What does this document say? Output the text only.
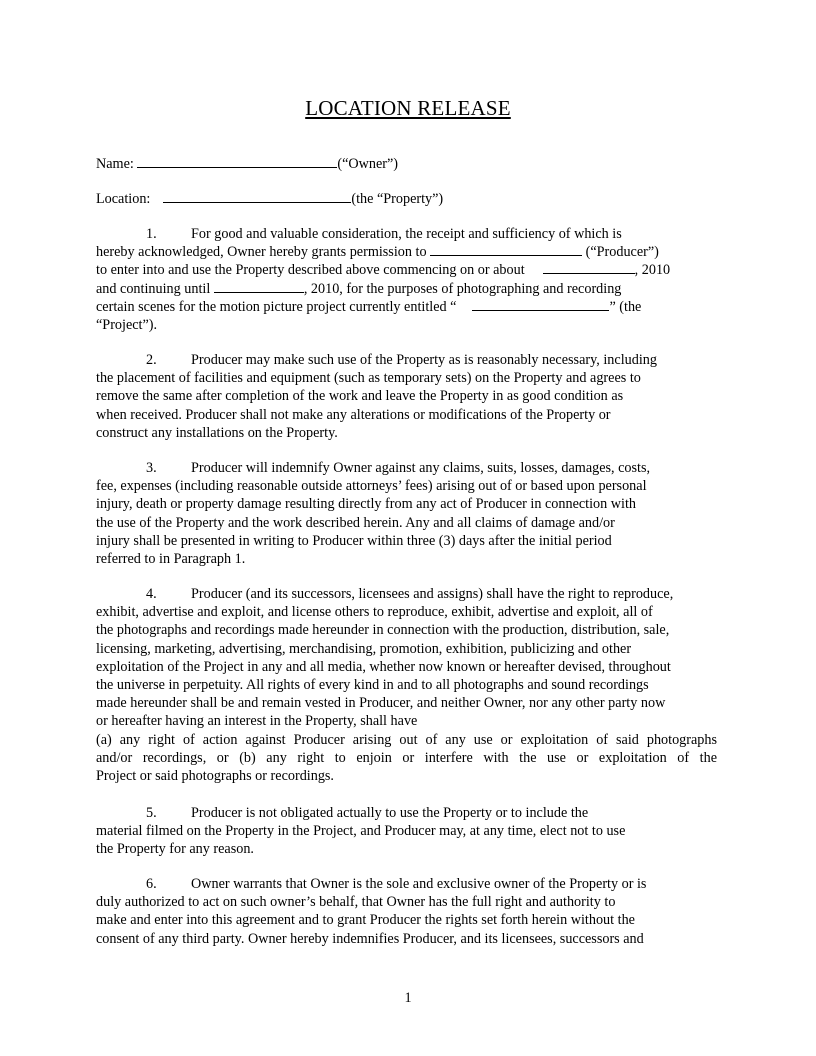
LOCATION RELEASE
Name:	(“Owner”)
Location:	(the “Property”)
1. For good and valuable consideration, the receipt and sufficiency of which is
hereby acknowledged, Owner hereby grants permission to	(“Producer”)
to enter into and use the Property described above commencing on or about	, 2010
and continuing until	, 2010, for the purposes of photographing and recording
certain scenes for the motion picture project currently entitled “	” (the
“Project”).
2. Producer may make such use of the Property as is reasonably necessary, including
the placement of facilities and equipment (such as temporary sets) on the Property and agrees to
remove the same after completion of the work and leave the Property in as good condition as
when received. Producer shall not make any alterations or modifications of the Property or
construct any installations on the Property.
3. Producer will indemnify Owner against any claims, suits, losses, damages, costs,
fee, expenses (including reasonable outside attorneys’ fees) arising out of or based upon personal
injury, death or property damage resulting directly from any act of Producer in connection with
the use of the Property and the work described herein. Any and all claims of damage and/or
injury shall be presented in writing to Producer within three (3) days after the initial period
referred to in Paragraph 1.
4. Producer (and its successors, licensees and assigns) shall have the right to reproduce,
exhibit, advertise and exploit, and license others to reproduce, exhibit, advertise and exploit, all of
the photographs and recordings made hereunder in connection with the production, distribution, sale,
licensing, marketing, advertising, merchandising, promotion, exhibition, publicizing and other
exploitation of the Project in any and all media, whether now known or hereafter devised, throughout
the universe in perpetuity. All rights of every kind in and to all photographs and sound recordings
made hereunder shall be and remain vested in Producer, and neither Owner, nor any other party now
or hereafter having an interest in the Property, shall have
(a) any right of action against Producer arising out of any use or exploitation of said photographs
and/or recordings, or (b) any right to enjoin or interfere with the use or exploitation of the
Project or said photographs or recordings.
5. Producer is not obligated actually to use the Property or to include the
material filmed on the Property in the Project, and Producer may, at any time, elect not to use
the Property for any reason.
6. Owner warrants that Owner is the sole and exclusive owner of the Property or is
duly authorized to act on such owner’s behalf, that Owner has the full right and authority to
make and enter into this agreement and to grant Producer the rights set forth herein without the
consent of any third party. Owner hereby indemnifies Producer, and its licensees, successors and
1
